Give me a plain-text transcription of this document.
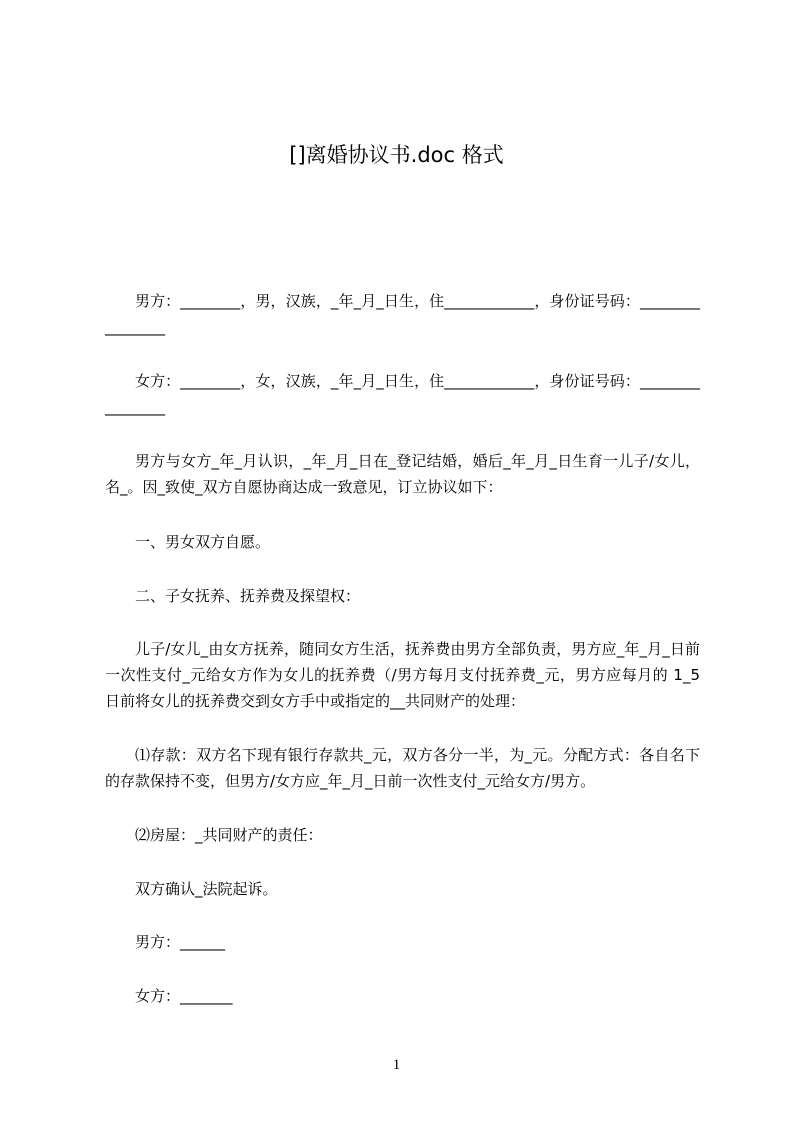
[]离婚协议书.doc 格式

男方：________，男，汉族，_年_月_日生，住____________，身份证号码：________________

女方：________，女，汉族，_年_月_日生，住____________，身份证号码：________________

男方与女方_年_月认识，_年_月_日在_登记结婚，婚后_年_月_日生育一儿子/女儿，名_。因_致使_双方自愿协商达成一致意见，订立协议如下：

一、男女双方自愿。

二、子女抚养、抚养费及探望权：

儿子/女儿_由女方抚养，随同女方生活，抚养费由男方全部负责，男方应_年_月_日前一次性支付_元给女方作为女儿的抚养费（/男方每月支付抚养费_元，男方应每月的 1_5 日前将女儿的抚养费交到女方手中或指定的__共同财产的处理：

⑴存款：双方名下现有银行存款共_元，双方各分一半，为_元。分配方式：各自名下的存款保持不变，但男方/女方应_年_月_日前一次性支付_元给女方/男方。

⑵房屋：_共同财产的责任：

双方确认_法院起诉。

男方：______

女方：_______

1
